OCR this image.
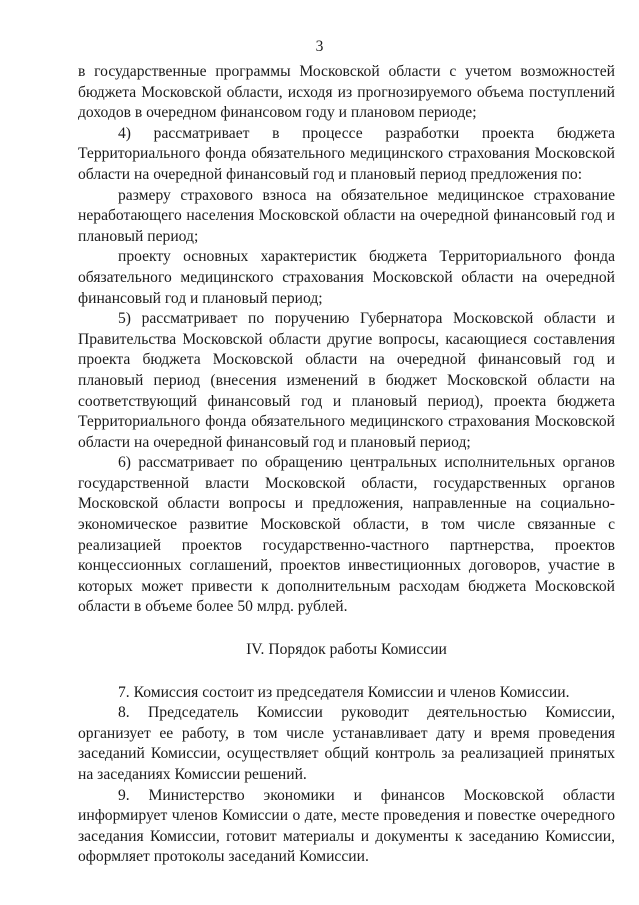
3

в государственные программы Московской области с учетом возможностей бюджета Московской области, исходя из прогнозируемого объема поступлений доходов в очередном финансовом году и плановом периоде;

4) рассматривает в процессе разработки проекта бюджета Территориального фонда обязательного медицинского страхования Московской области на очередной финансовый год и плановый период предложения по:

размеру страхового взноса на обязательное медицинское страхование неработающего населения Московской области на очередной финансовый год и плановый период;

проекту основных характеристик бюджета Территориального фонда обязательного медицинского страхования Московской области на очередной финансовый год и плановый период;

5) рассматривает по поручению Губернатора Московской области и Правительства Московской области другие вопросы, касающиеся составления проекта бюджета Московской области на очередной финансовый год и плановый период (внесения изменений в бюджет Московской области на соответствующий финансовый год и плановый период), проекта бюджета Территориального фонда обязательного медицинского страхования Московской области на очередной финансовый год и плановый период;

6) рассматривает по обращению центральных исполнительных органов государственной власти Московской области, государственных органов Московской области вопросы и предложения, направленные на социально-экономическое развитие Московской области, в том числе связанные с реализацией проектов государственно-частного партнерства, проектов концессионных соглашений, проектов инвестиционных договоров, участие в которых может привести к дополнительным расходам бюджета Московской области в объеме более 50 млрд. рублей.

IV. Порядок работы Комиссии

7. Комиссия состоит из председателя Комиссии и членов Комиссии.

8. Председатель Комиссии руководит деятельностью Комиссии, организует ее работу, в том числе устанавливает дату и время проведения заседаний Комиссии, осуществляет общий контроль за реализацией принятых на заседаниях Комиссии решений.

9. Министерство экономики и финансов Московской области информирует членов Комиссии о дате, месте проведения и повестке очередного заседания Комиссии, готовит материалы и документы к заседанию Комиссии, оформляет протоколы заседаний Комиссии.
